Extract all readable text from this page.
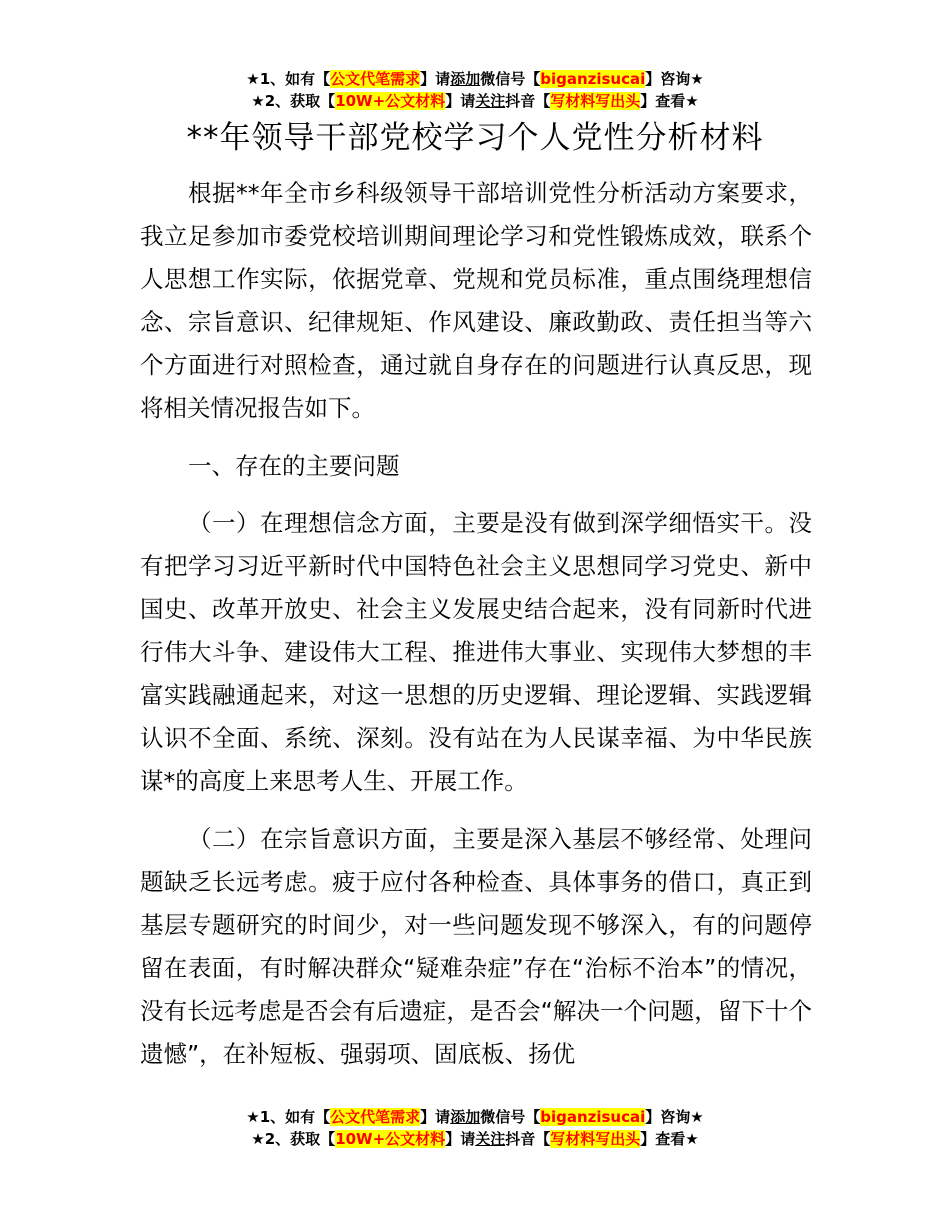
★1、如有【公文代笔需求】请添加微信号【biganzisucai】咨询★
★2、获取【10W+公文材料】请关注抖音【写材料写出头】查看★
**年领导干部党校学习个人党性分析材料

根据**年全市乡科级领导干部培训党性分析活动方案要求，我立足参加市委党校培训期间理论学习和党性锻炼成效，联系个人思想工作实际，依据党章、党规和党员标准，重点围绕理想信念、宗旨意识、纪律规矩、作风建设、廉政勤政、责任担当等六个方面进行对照检查，通过就自身存在的问题进行认真反思，现将相关情况报告如下。

一、存在的主要问题

（一）在理想信念方面，主要是没有做到深学细悟实干。没有把学习习近平新时代中国特色社会主义思想同学习党史、新中国史、改革开放史、社会主义发展史结合起来，没有同新时代进行伟大斗争、建设伟大工程、推进伟大事业、实现伟大梦想的丰富实践融通起来，对这一思想的历史逻辑、理论逻辑、实践逻辑认识不全面、系统、深刻。没有站在为人民谋幸福、为中华民族谋*的高度上来思考人生、开展工作。

（二）在宗旨意识方面，主要是深入基层不够经常、处理问题缺乏长远考虑。疲于应付各种检查、具体事务的借口，真正到基层专题研究的时间少，对一些问题发现不够深入，有的问题停留在表面，有时解决群众“疑难杂症”存在“治标不治本”的情况，没有长远考虑是否会有后遗症，是否会“解决一个问题，留下十个遗憾”，在补短板、强弱项、固底板、扬优

★1、如有【公文代笔需求】请添加微信号【biganzisucai】咨询★
★2、获取【10W+公文材料】请关注抖音【写材料写出头】查看★
